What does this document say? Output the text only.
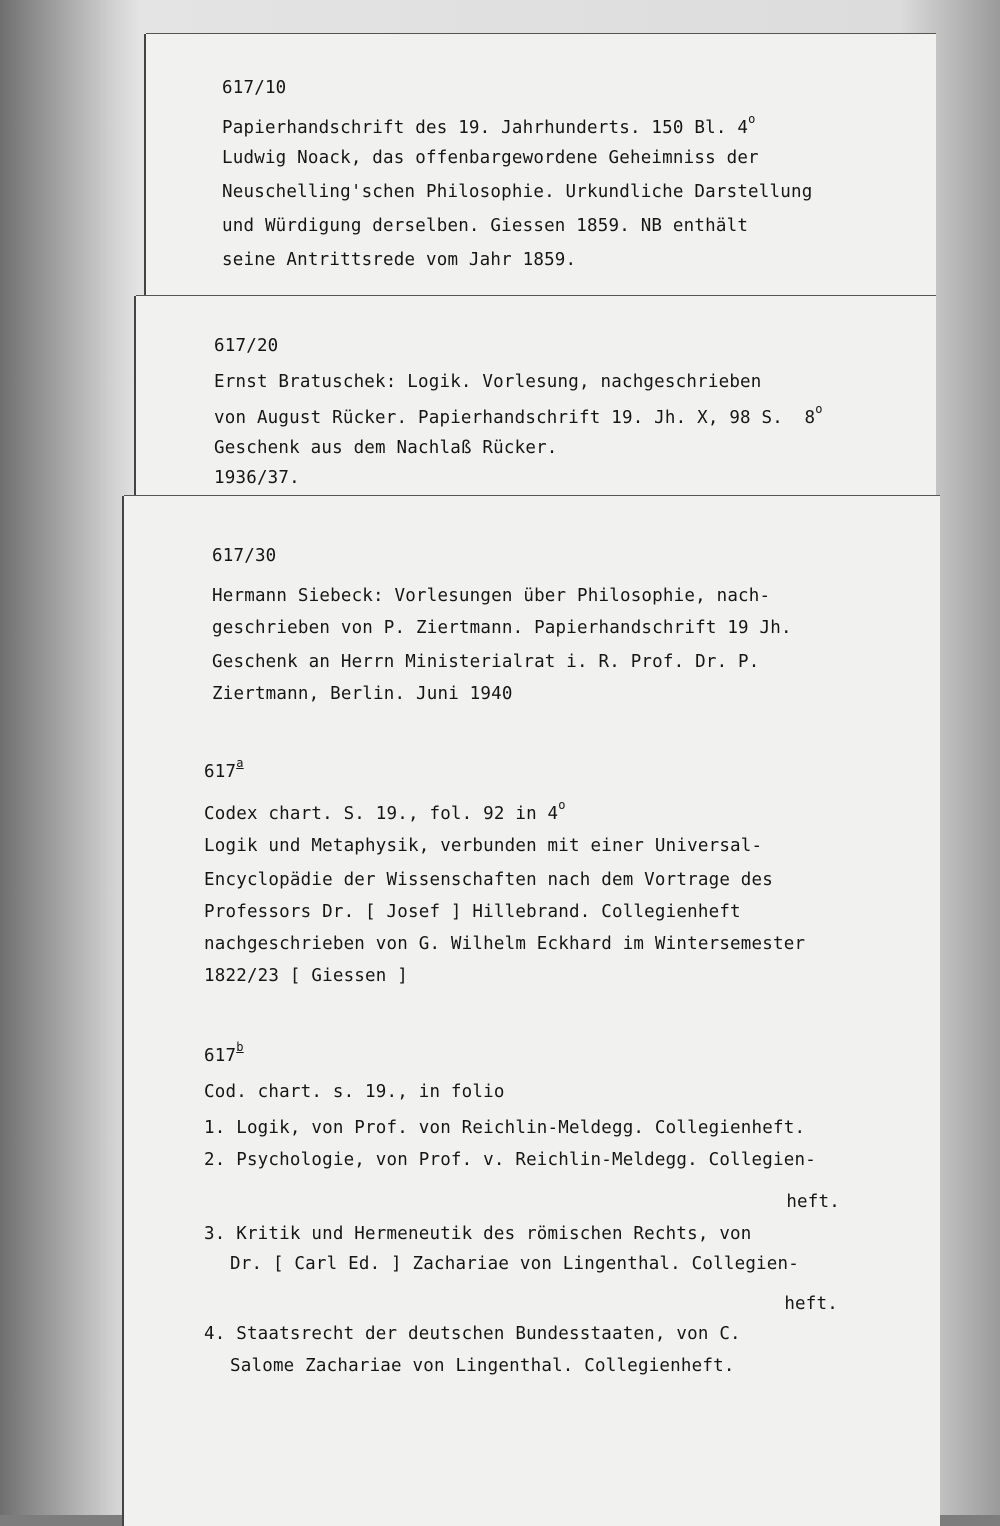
617/10
Papierhandschrift des 19. Jahrhunderts. 150 Bl. 4$^o$
Ludwig Noack, das offenbargewordene Geheimniss der
Neuschelling'schen Philosophie. Urkundliche Darstellung
und Würdigung derselben. Giessen 1859. NB enthält
seine Antrittsrede vom Jahr 1859.
617/20
Ernst Bratuschek: Logik. Vorlesung, nachgeschrieben
von August Rücker. Papierhandschrift 19. Jh. X, 98 S.  8$^o$
Geschenk aus dem Nachlaß Rücker.
1936/37.
617/30
Hermann Siebeck: Vorlesungen über Philosophie, nach-
geschrieben von P. Ziertmann. Papierhandschrift 19 Jh.
Geschenk an Herrn Ministerialrat i. R. Prof. Dr. P.
Ziertmann, Berlin. Juni 1940
617$^a$
Codex chart. S. 19., fol. 92 in 4$^o$
Logik und Metaphysik, verbunden mit einer Universal-
Encyclopädie der Wissenschaften nach dem Vortrage des
Professors Dr. [ Josef ] Hillebrand. Collegienheft
nachgeschrieben von G. Wilhelm Eckhard im Wintersemester
1822/23 [ Giessen ]
617$^b$
Cod. chart. s. 19., in folio
1. Logik, von Prof. von Reichlin-Meldegg. Collegienheft.
2. Psychologie, von Prof. v. Reichlin-Meldegg. Collegien-
heft.
3. Kritik und Hermeneutik des römischen Rechts, von
Dr. [ Carl Ed. ] Zachariae von Lingenthal. Collegien-
heft.
4. Staatsrecht der deutschen Bundesstaaten, von C.
Salome Zachariae von Lingenthal. Collegienheft.
